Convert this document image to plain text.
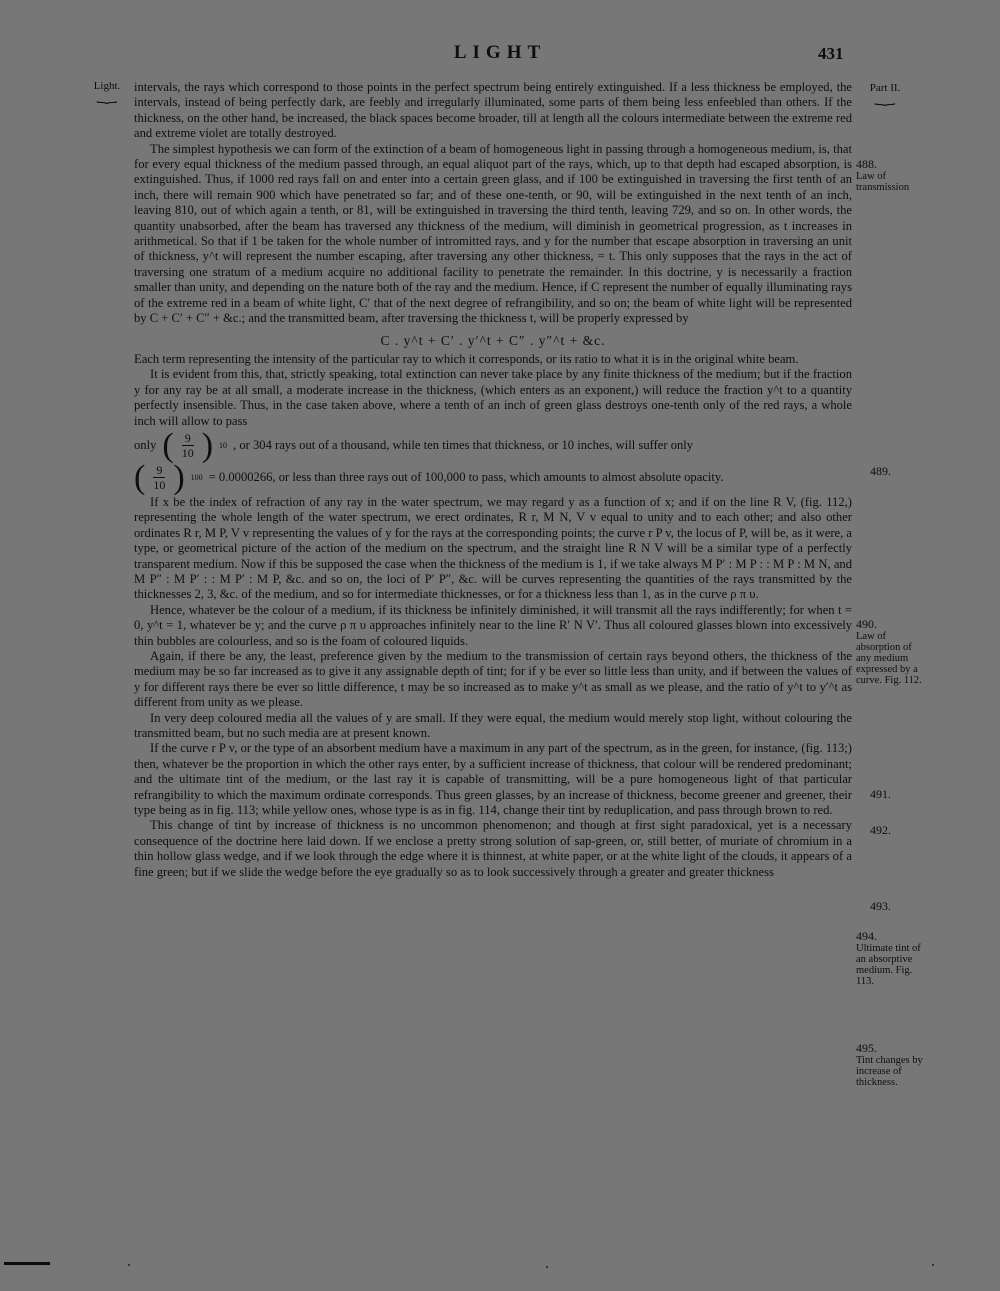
LIGHT	431
Light.
⏟
Part II.
⏟

intervals, the rays which correspond to those points in the perfect spectrum being entirely extinguished. If a less thickness be employed, the intervals, instead of being perfectly dark, are feebly and irregularly illuminated, some parts of them being less enfeebled than others. If the thickness, on the other hand, be increased, the black spaces become broader, till at length all the colours intermediate between the extreme red and extreme violet are totally destroyed.

The simplest hypothesis we can form of the extinction of a beam of homogeneous light in passing through a homogeneous medium, is, that for every equal thickness of the medium passed through, an equal aliquot part of the rays, which, up to that depth had escaped absorption, is extinguished. Thus, if 1000 red rays fall on and enter into a certain green glass, and if 100 be extinguished in traversing the first tenth of an inch, there will remain 900 which have penetrated so far; and of these one-tenth, or 90, will be extinguished in the next tenth of an inch, leaving 810, out of which again a tenth, or 81, will be extinguished in traversing the third tenth, leaving 729, and so on. In other words, the quantity unabsorbed, after the beam has traversed any thickness of the medium, will diminish in geometrical progression, as t increases in arithmetical. So that if 1 be taken for the whole number of intromitted rays, and y for the number that escape absorption in traversing an unit of thickness, y^t will represent the number escaping, after traversing any other thickness, = t. This only supposes that the rays in the act of traversing one stratum of a medium acquire no additional facility to penetrate the remainder. In this doctrine, y is necessarily a fraction smaller than unity, and depending on the nature both of the ray and the medium. Hence, if C represent the number of equally illuminating rays of the extreme red in a beam of white light, C′ that of the next degree of refrangibility, and so on; the beam of white light will be represented by C + C′ + C″ + &c.; and the transmitted beam, after traversing the thickness t, will be properly expressed by

C . y^t + C′ . y′^t + C″ . y″^t + &c.

Each term representing the intensity of the particular ray to which it corresponds, or its ratio to what it is in the original white beam.

It is evident from this, that, strictly speaking, total extinction can never take place by any finite thickness of the medium; but if the fraction y for any ray be at all small, a moderate increase in the thickness, (which enters as an exponent,) will reduce the fraction y^t to a quantity perfectly insensible. Thus, in the case taken above, where a tenth of an inch of green glass destroys one-tenth only of the red rays, a whole inch will allow to pass

only ( $\frac{9}{10}$ ) 10 , or 304 rays out of a thousand, while ten times that thickness, or 10 inches, will suffer only
( $\frac{9}{10}$ ) 100 = 0.0000266, or less than three rays out of 100,000 to pass, which amounts to almost absolute opacity.

If x be the index of refraction of any ray in the water spectrum, we may regard y as a function of x; and if on the line R V, (fig. 112,) representing the whole length of the water spectrum, we erect ordinates, R r, M N, V v equal to unity and to each other; and also other ordinates R r, M P, V v representing the values of y for the rays at the corresponding points; the curve r P v, the locus of P, will be, as it were, a type, or geometrical picture of the action of the medium on the spectrum, and the straight line R N V will be a similar type of a perfectly transparent medium. Now if this be supposed the case when the thickness of the medium is 1, if we take always M P′ : M P : : M P : M N, and M P″ : M P′ : : M P′ : M P, &c. and so on, the loci of P′ P″, &c. will be curves representing the quantities of the rays transmitted by the thicknesses 2, 3, &c. of the medium, and so for intermediate thicknesses, or for a thickness less than 1, as in the curve ρ π υ.

Hence, whatever be the colour of a medium, if its thickness be infinitely diminished, it will transmit all the rays indifferently; for when t = 0, y^t = 1, whatever be y; and the curve ρ π υ approaches infinitely near to the line R′ N V′. Thus all coloured glasses blown into excessively thin bubbles are colourless, and so is the foam of coloured liquids.

Again, if there be any, the least, preference given by the medium to the transmission of certain rays beyond others, the thickness of the medium may be so far increased as to give it any assignable depth of tint; for if y be ever so little less than unity, and if between the values of y for different rays there be ever so little difference, t may be so increased as to make y^t as small as we please, and the ratio of y^t to y′^t as different from unity as we please.

In very deep coloured media all the values of y are small. If they were equal, the medium would merely stop light, without colouring the transmitted beam, but no such media are at present known.

If the curve r P v, or the type of an absorbent medium have a maximum in any part of the spectrum, as in the green, for instance, (fig. 113;) then, whatever be the proportion in which the other rays enter, by a sufficient increase of thickness, that colour will be rendered predominant; and the ultimate tint of the medium, or the last ray it is capable of transmitting, will be a pure homogeneous light of that particular refrangibility to which the maximum ordinate corresponds. Thus green glasses, by an increase of thickness, become greener and greener, their type being as in fig. 113; while yellow ones, whose type is as in fig. 114, change their tint by reduplication, and pass through brown to red.

This change of tint by increase of thickness is no uncommon phenomenon; and though at first sight paradoxical, yet is a necessary consequence of the doctrine here laid down. If we enclose a pretty strong solution of sap-green, or, still better, of muriate of chromium in a thin hollow glass wedge, and if we look through the edge where it is thinnest, at white paper, or at the white light of the clouds, it appears of a fine green; but if we slide the wedge before the eye gradually so as to look successively through a greater and greater thickness

488.
Law of transmission
489.
490.
Law of absorption of any medium expressed by a curve. Fig. 112.
491.
492.
493.
494.
Ultimate tint of an absorptive medium. Fig. 113.
495.
Tint changes by increase of thickness.
